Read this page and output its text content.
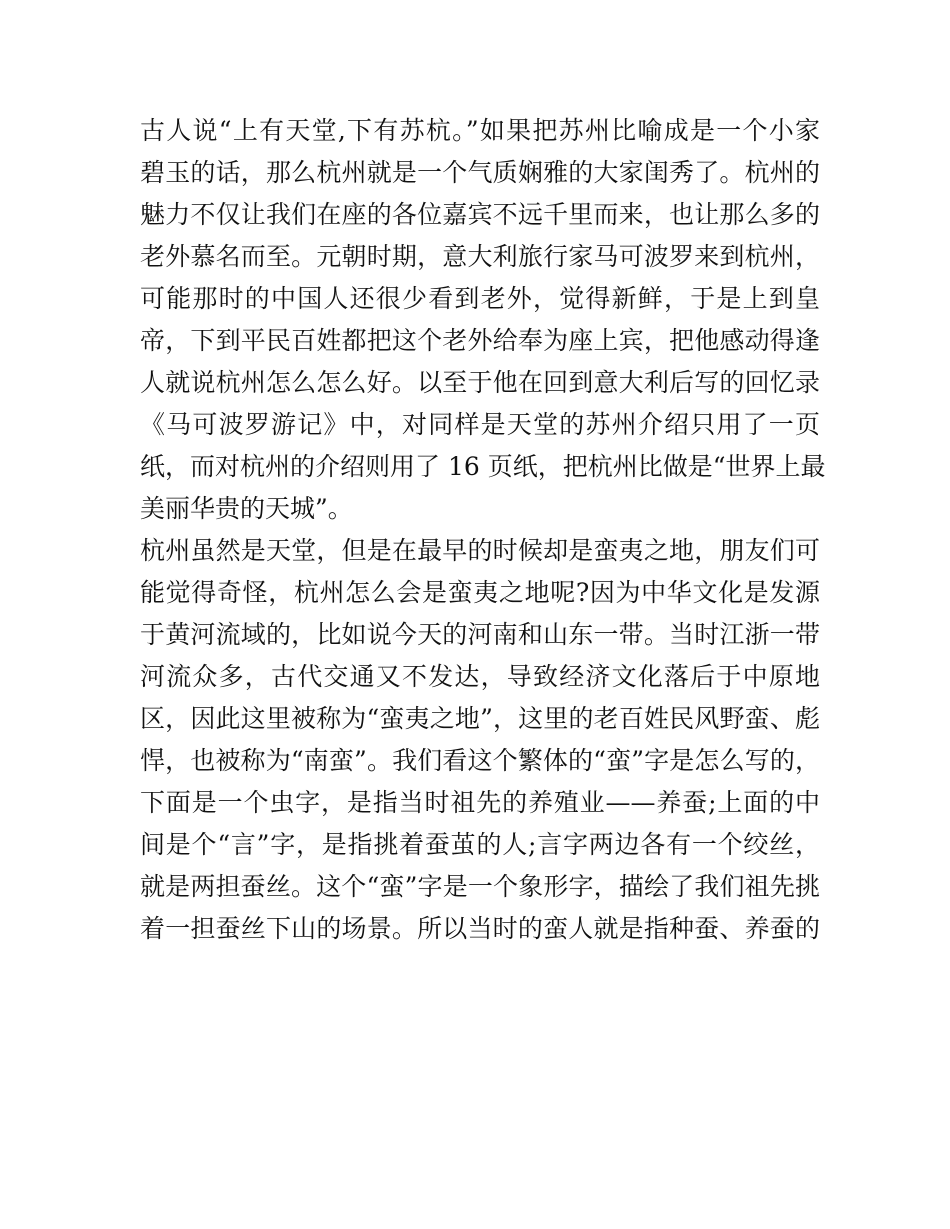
古人说“上有天堂,下有苏杭。”如果把苏州比喻成是一个小家
碧玉的话，那么杭州就是一个气质娴雅的大家闺秀了。杭州的
魅力不仅让我们在座的各位嘉宾不远千里而来，也让那么多的
老外慕名而至。元朝时期，意大利旅行家马可波罗来到杭州，
可能那时的中国人还很少看到老外，觉得新鲜，于是上到皇
帝，下到平民百姓都把这个老外给奉为座上宾，把他感动得逢
人就说杭州怎么怎么好。以至于他在回到意大利后写的回忆录
《马可波罗游记》中，对同样是天堂的苏州介绍只用了一页
纸，而对杭州的介绍则用了 16 页纸，把杭州比做是“世界上最
美丽华贵的天城”。
杭州虽然是天堂，但是在最早的时候却是蛮夷之地，朋友们可
能觉得奇怪，杭州怎么会是蛮夷之地呢?因为中华文化是发源
于黄河流域的，比如说今天的河南和山东一带。当时江浙一带
河流众多，古代交通又不发达，导致经济文化落后于中原地
区，因此这里被称为“蛮夷之地”，这里的老百姓民风野蛮、彪
悍，也被称为“南蛮”。我们看这个繁体的“蛮”字是怎么写的，
下面是一个虫字，是指当时祖先的养殖业——养蚕;上面的中
间是个“言”字，是指挑着蚕茧的人;言字两边各有一个绞丝，
就是两担蚕丝。这个“蛮”字是一个象形字，描绘了我们祖先挑
着一担蚕丝下山的场景。所以当时的蛮人就是指种蚕、养蚕的
